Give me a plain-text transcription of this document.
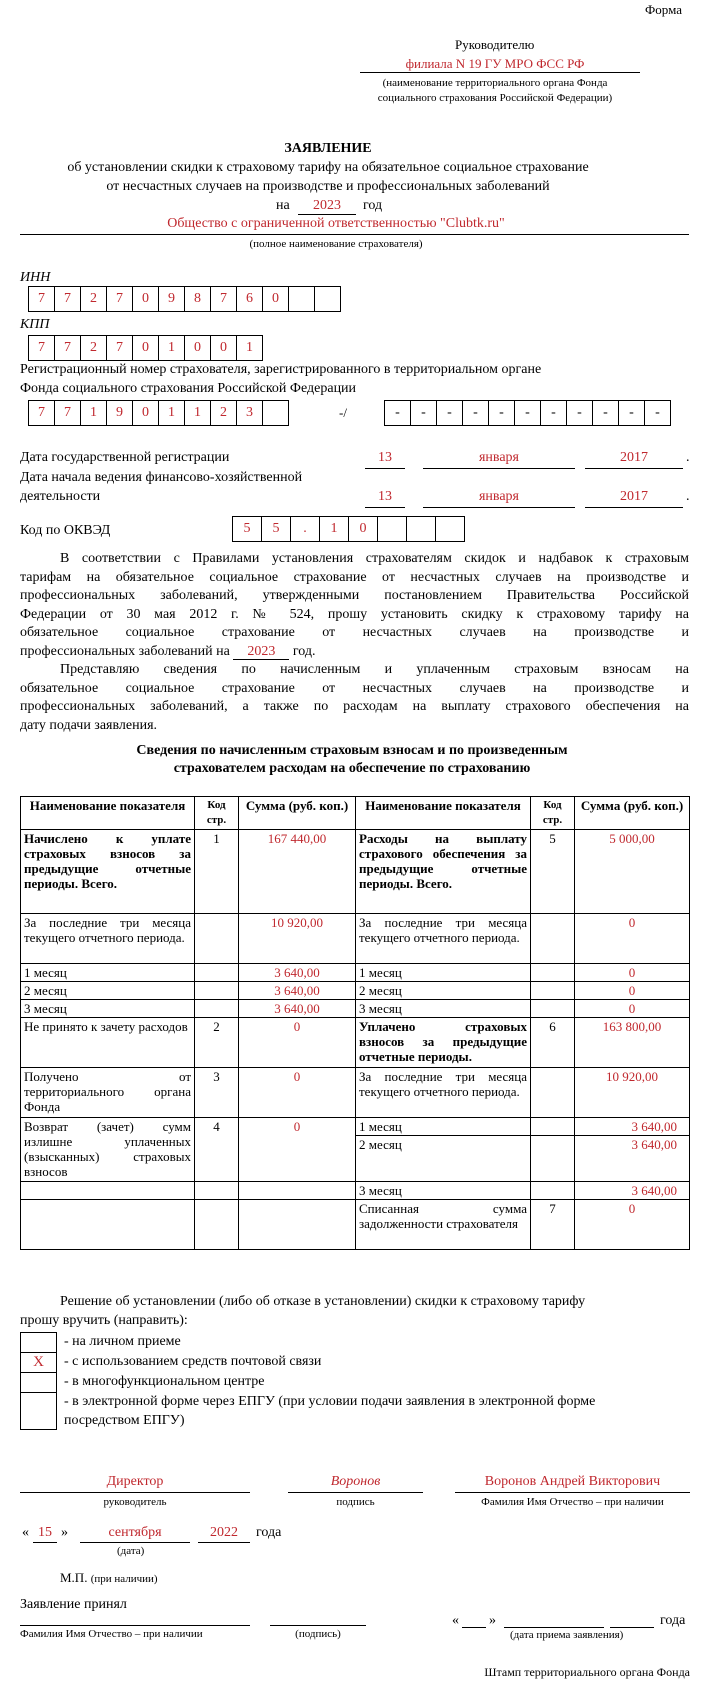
Форма
Руководителю
филиала N 19 ГУ МРО ФСС РФ
(наименование территориального органа Фонда
социального страхования Российской Федерации)
ЗАЯВЛЕНИЕ
об установлении скидки к страховому тарифу на обязательное социальное страхование
от несчастных случаев на производстве и профессиональных заболеваний
на	2023	год
Общество с ограниченной ответственностью "Clubtk.ru"
(полное наименование страхователя)
ИНН
7	7	2	7	0	9	8	7	6	0
КПП
7	7	2	7	0	1	0	0	1
Регистрационный номер страхователя, зарегистрированного в территориальном органе
Фонда социального страхования Российской Федерации
7	7	1	9	0	1	1	2	3	-/	-	-	-	-	-	-	-	-	-	-	-
Дата государственной регистрации	13	января	2017	.
Дата начала ведения финансово-хозяйственной
деятельности	13	января	2017	.
Код по ОКВЭД	5	5	.	1	0
В соответствии с Правилами установления страхователям скидок и надбавок к страховым
тарифам на обязательное социальное страхование от несчастных случаев на производстве и
профессиональных заболеваний, утвержденными постановлением Правительства Российской
Федерации от 30 мая 2012 г. № 524, прошу установить скидку к страховому тарифу на
обязательное социальное страхование от несчастных случаев на производстве и
профессиональных заболеваний на 2023 год.
Представляю сведения по начисленным и уплаченным страховым взносам на
обязательное социальное страхование от несчастных случаев на производстве и
профессиональных заболеваний, а также по расходам на выплату страхового обеспечения на
дату подачи заявления.
Сведения по начисленным страховым взносам и по произведенным
страхователем расходам на обеспечение по страхованию
Наименование показателя	Код стр.	Сумма (руб. коп.)	Наименование показателя	Код стр.	Сумма (руб. коп.)
Начислено к уплате страховых взносов за предыдущие отчетные периоды. Всего.	1	167 440,00	Расходы на выплату страхового обеспечения за предыдущие отчетные периоды. Всего.	5	5 000,00
За последние три месяца текущего отчетного периода.		10 920,00	За последние три месяца текущего отчетного периода.		0
1 месяц		3 640,00	1 месяц		0
2 месяц		3 640,00	2 месяц		0
3 месяц		3 640,00	3 месяц		0
Не принято к зачету расходов	2	0	Уплачено страховых взносов за предыдущие отчетные периоды.	6	163 800,00
Получено от территориального органа Фонда	3	0	За последние три месяца текущего отчетного периода.		10 920,00
Возврат (зачет) сумм излишне уплаченных (взысканных) страховых взносов	4	0	1 месяц		3 640,00
			2 месяц		3 640,00
			3 месяц		3 640,00
			Списанная сумма задолженности страхователя	7	0
Решение об установлении (либо об отказе в установлении) скидки к страховому тарифу
прошу вручить (направить):
X
- на личном приеме
- с использованием средств почтовой связи
- в многофункциональном центре
- в электронной форме через ЕПГУ (при условии подачи заявления в электронной форме
посредством ЕПГУ)
Директор
руководитель
Воронов
подпись
Воронов Андрей Викторович
Фамилия Имя Отчество – при наличии
« 15 »	сентября	2022	года
(дата)
М.П. (при наличии)
Заявление принял
Фамилия Имя Отчество – при наличии	(подпись)
« »	года
(дата приема заявления)
Штамп территориального органа Фонда
